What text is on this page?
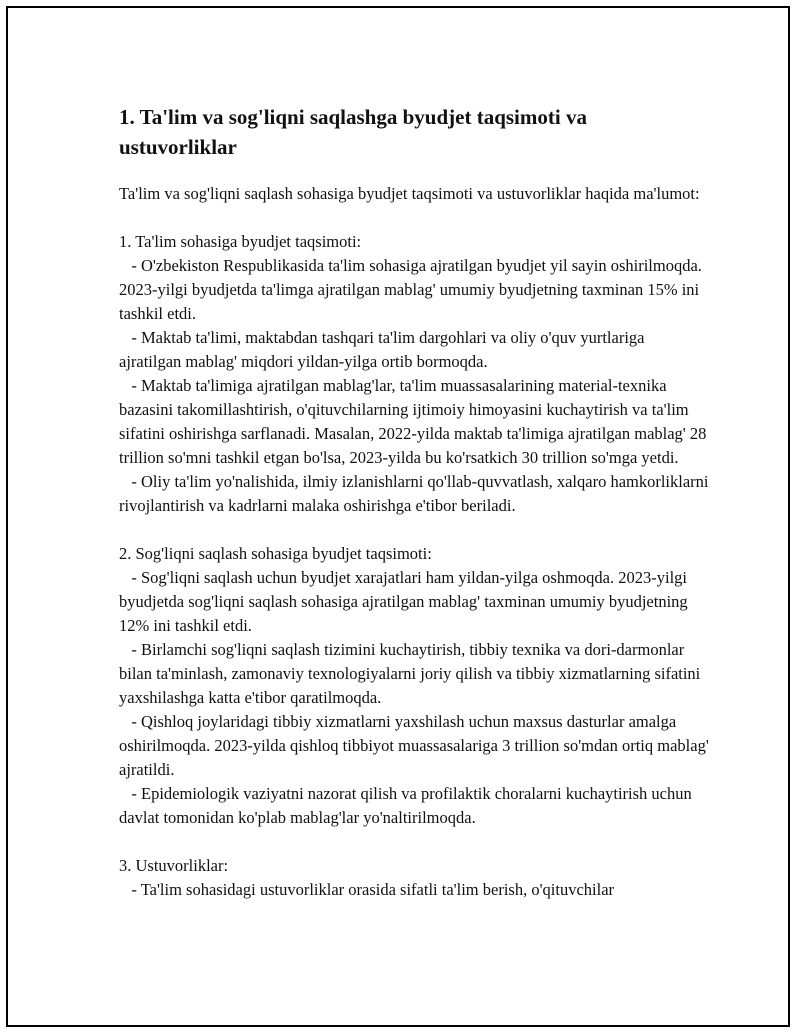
1. Ta'lim va sog'liqni saqlashga byudjet taqsimoti va ustuvorliklar

Ta'lim va sog'liqni saqlash sohasiga byudjet taqsimoti va ustuvorliklar haqida ma'lumot:

1. Ta'lim sohasiga byudjet taqsimoti:
- O'zbekiston Respublikasida ta'lim sohasiga ajratilgan byudjet yil sayin oshirilmoqda. 2023-yilgi byudjetda ta'limga ajratilgan mablag' umumiy byudjetning taxminan 15% ini tashkil etdi.
- Maktab ta'limi, maktabdan tashqari ta'lim dargohlari va oliy o'quv yurtlariga ajratilgan mablag' miqdori yildan-yilga ortib bormoqda.
- Maktab ta'limiga ajratilgan mablag'lar, ta'lim muassasalarining material-texnika bazasini takomillashtirish, o'qituvchilarning ijtimoiy himoyasini kuchaytirish va ta'lim sifatini oshirishga sarflanadi. Masalan, 2022-yilda maktab ta'limiga ajratilgan mablag' 28 trillion so'mni tashkil etgan bo'lsa, 2023-yilda bu ko'rsatkich 30 trillion so'mga yetdi.
- Oliy ta'lim yo'nalishida, ilmiy izlanishlarni qo'llab-quvvatlash, xalqaro hamkorliklarni rivojlantirish va kadrlarni malaka oshirishga e'tibor beriladi.

2. Sog'liqni saqlash sohasiga byudjet taqsimoti:
- Sog'liqni saqlash uchun byudjet xarajatlari ham yildan-yilga oshmoqda. 2023-yilgi byudjetda sog'liqni saqlash sohasiga ajratilgan mablag' taxminan umumiy byudjetning 12% ini tashkil etdi.
- Birlamchi sog'liqni saqlash tizimini kuchaytirish, tibbiy texnika va dori-darmonlar bilan ta'minlash, zamonaviy texnologiyalarni joriy qilish va tibbiy xizmatlarning sifatini yaxshilashga katta e'tibor qaratilmoqda.
- Qishloq joylaridagi tibbiy xizmatlarni yaxshilash uchun maxsus dasturlar amalga oshirilmoqda. 2023-yilda qishloq tibbiyot muassasalariga 3 trillion so'mdan ortiq mablag' ajratildi.
- Epidemiologik vaziyatni nazorat qilish va profilaktik choralarni kuchaytirish uchun davlat tomonidan ko'plab mablag'lar yo'naltirilmoqda.

3. Ustuvorliklar:
- Ta'lim sohasidagi ustuvorliklar orasida sifatli ta'lim berish, o'qituvchilar
